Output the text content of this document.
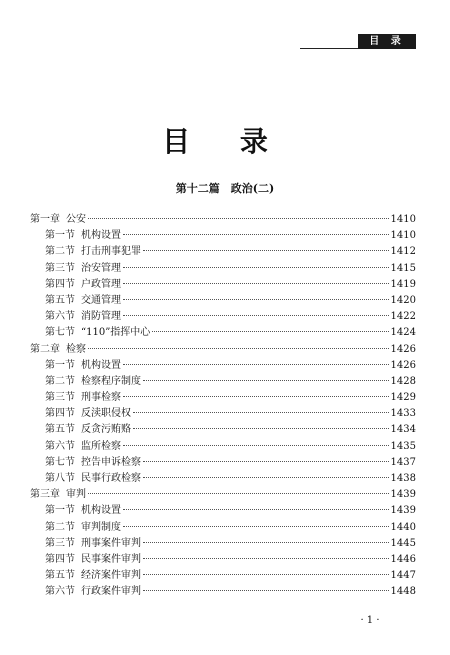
目 录
目 录
第十二篇　政治(二)
第一章 公安	1410
第一节 机构设置	1410
第二节 打击刑事犯罪	1412
第三节 治安管理	1415
第四节 户政管理	1419
第五节 交通管理	1420
第六节 消防管理	1422
第七节 “110”指挥中心	1424
第二章 检察	1426
第一节 机构设置	1426
第二节 检察程序制度	1428
第三节 刑事检察	1429
第四节 反渎职侵权	1433
第五节 反贪污贿赂	1434
第六节 监所检察	1435
第七节 控告申诉检察	1437
第八节 民事行政检察	1438
第三章 审判	1439
第一节 机构设置	1439
第二节 审判制度	1440
第三节 刑事案件审判	1445
第四节 民事案件审判	1446
第五节 经济案件审判	1447
第六节 行政案件审判	1448
· 1 ·
